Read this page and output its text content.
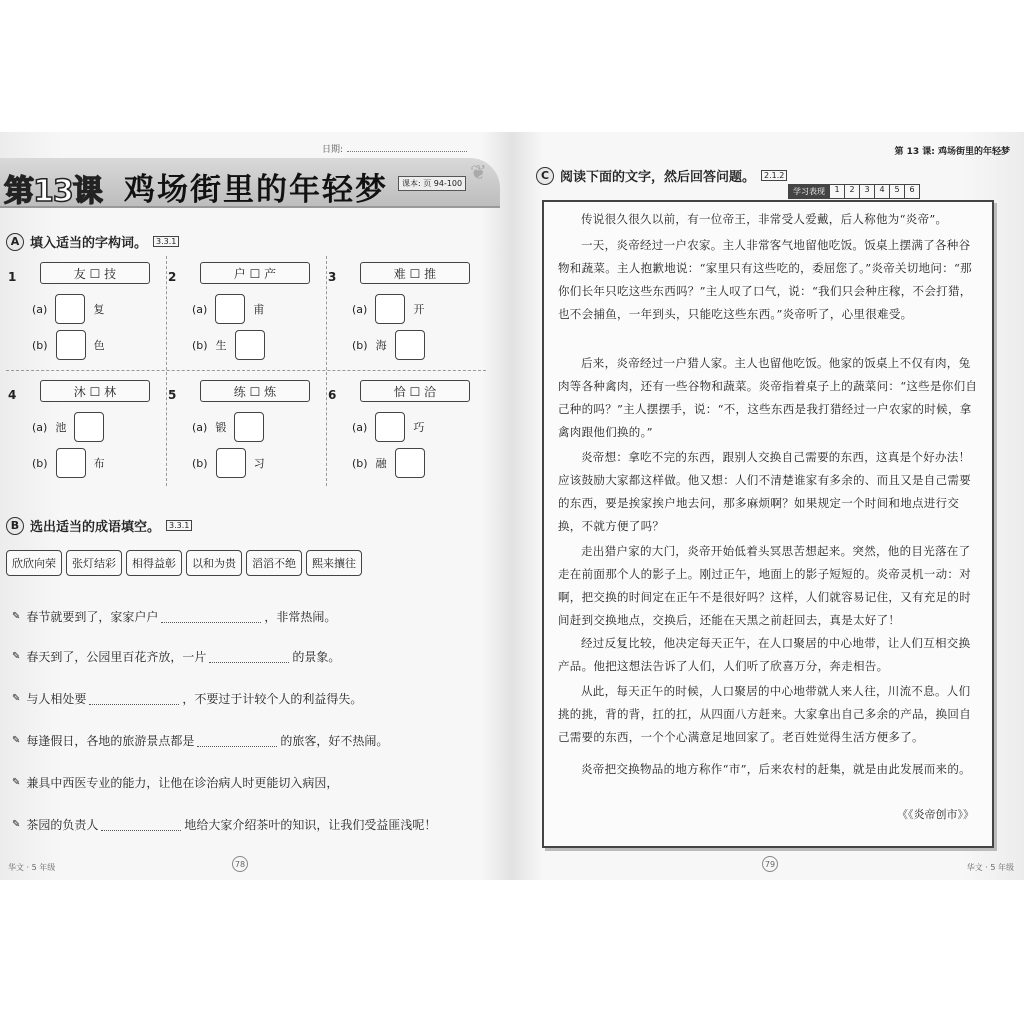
日期:
第13课 鸡场街里的年轻梦	课本: 页 94-100 ❦
A 填入适当的字构词。	3.3.1
1	友 ☐ 技
(a)	复
(b)	色
2	户 ☐ 产
(a)	甫
(b) 生
3	难 ☐ 推
(a)	开
(b) 海
4	沐 ☐ 林
(a) 池
(b)	布
5	练 ☐ 炼
(a) 锻
(b)	习
6	恰 ☐ 洽
(a)	巧
(b) 融
B 选出适当的成语填空。	3.3.1
欣欣向荣	张灯结彩	相得益彰	以和为贵	滔滔不绝	熙来攘往
✎ 春节就要到了，家家户户	，非常热闹。
✎ 春天到了，公园里百花齐放，一片	的景象。
✎ 与人相处要	，不要过于计较个人的利益得失。
✎ 每逢假日，各地的旅游景点都是	的旅客，好不热闹。
✎ 兼具中西医专业的能力，让他在诊治病人时更能切入病因，
✎ 茶园的负责人	地给大家介绍茶叶的知识，让我们受益匪浅呢！
华文 · 5 年级	78
第 13 课: 鸡场街里的年轻梦
C 阅读下面的文字，然后回答问题。	2.1.2
学习表现	1	2	3	4	5	6
传说很久很久以前，有一位帝王，非常受人爱戴，后人称他为“炎帝”。
一天，炎帝经过一户农家。主人非常客气地留他吃饭。饭桌上摆满了各种谷物和蔬菜。主人抱歉地说：“家里只有这些吃的，委屈您了。”炎帝关切地问：“那你们长年只吃这些东西吗？”主人叹了口气，说：“我们只会种庄稼，不会打猎，也不会捕鱼，一年到头，只能吃这些东西。”炎帝听了，心里很难受。
后来，炎帝经过一户猎人家。主人也留他吃饭。他家的饭桌上不仅有肉，兔肉等各种禽肉，还有一些谷物和蔬菜。炎帝指着桌子上的蔬菜问：“这些是你们自己种的吗？”主人摆摆手，说：“不，这些东西是我打猎经过一户农家的时候，拿禽肉跟他们换的。”
炎帝想：拿吃不完的东西，跟别人交换自己需要的东西，这真是个好办法！应该鼓励大家都这样做。他又想：人们不清楚谁家有多余的、而且又是自己需要的东西，要是挨家挨户地去问，那多麻烦啊？如果规定一个时间和地点进行交换，不就方便了吗？
走出猎户家的大门，炎帝开始低着头冥思苦想起来。突然，他的目光落在了走在前面那个人的影子上。刚过正午，地面上的影子短短的。炎帝灵机一动：对啊，把交换的时间定在正午不是很好吗？这样，人们就容易记住，又有充足的时间赶到交换地点，交换后，还能在天黑之前赶回去，真是太好了！
经过反复比较，他决定每天正午，在人口聚居的中心地带，让人们互相交换产品。他把这想法告诉了人们，人们听了欣喜万分，奔走相告。
从此，每天正午的时候，人口聚居的中心地带就人来人往，川流不息。人们挑的挑，背的背，扛的扛，从四面八方赶来。大家拿出自己多余的产品，换回自己需要的东西，一个个心满意足地回家了。老百姓觉得生活方便多了。
炎帝把交换物品的地方称作“市”，后来农村的赶集，就是由此发展而来的。
《《炎帝创市》》
79	华文 · 5 年级
